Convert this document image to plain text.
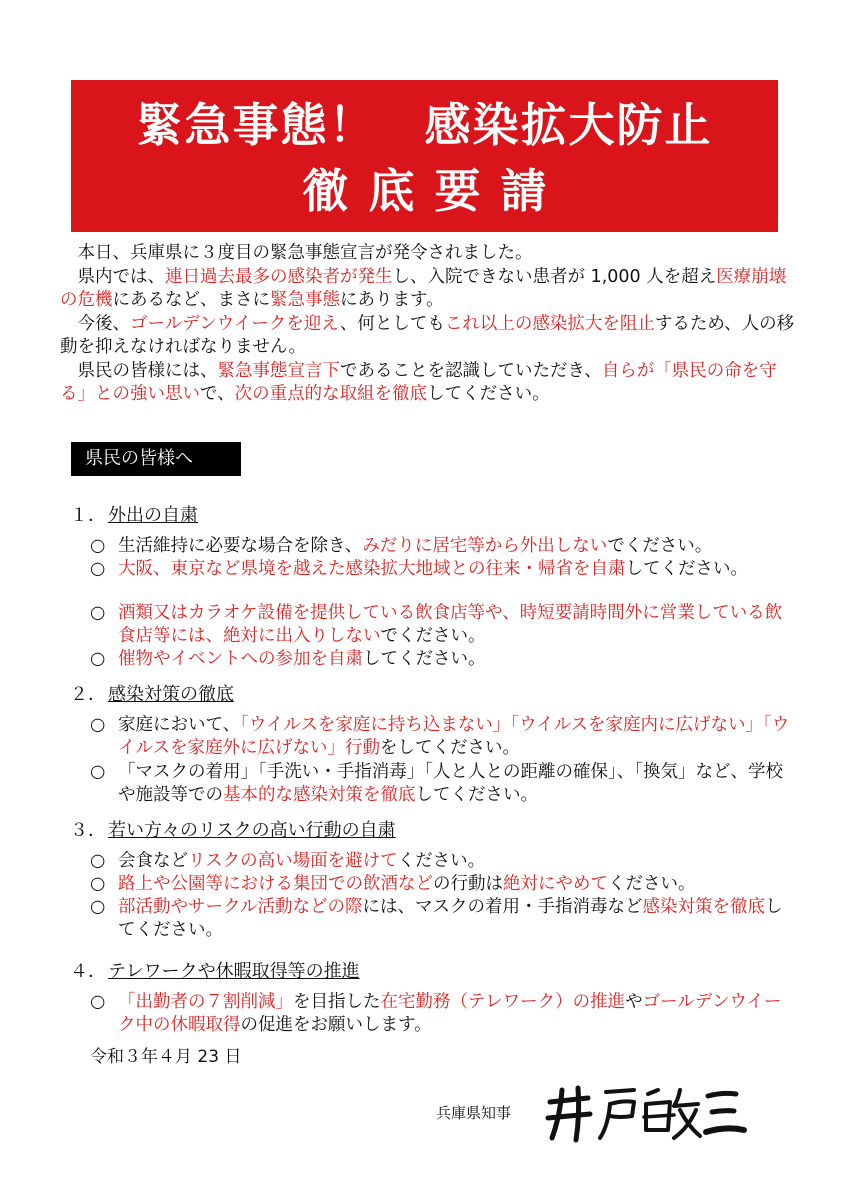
緊急事態！　感染拡大防止
徹底要請

　本日、兵庫県に３度目の緊急事態宣言が発令されました。

　県内では、連日過去最多の感染者が発生し、入院できない患者が 1,000 人を超え医療崩壊の危機にあるなど、まさに緊急事態にあります。

　今後、ゴールデンウイークを迎え、何としてもこれ以上の感染拡大を阻止するため、人の移動を抑えなければなりません。

　県民の皆様には、緊急事態宣言下であることを認識していただき、自らが「県民の命を守る」との強い思いで、次の重点的な取組を徹底してください。

県民の皆様へ
１． 外出の自粛
○ 生活維持に必要な場合を除き、みだりに居宅等から外出しないでください。
○ 大阪、東京など県境を越えた感染拡大地域との往来・帰省を自粛してください。
○ 酒類又はカラオケ設備を提供している飲食店等や、時短要請時間外に営業している飲食店等には、絶対に出入りしないでください。
○ 催物やイベントへの参加を自粛してください。
２． 感染対策の徹底
○ 家庭において、「ウイルスを家庭に持ち込まない」「ウイルスを家庭内に広げない」「ウイルスを家庭外に広げない」行動をしてください。
○ 「マスクの着用」「手洗い・手指消毒」「人と人との距離の確保」、「換気」など、学校や施設等での基本的な感染対策を徹底してください。
３． 若い方々のリスクの高い行動の自粛
○ 会食などリスクの高い場面を避けてください。
○ 路上や公園等における集団での飲酒などの行動は絶対にやめてください。
○ 部活動やサークル活動などの際には、マスクの着用・手指消毒など感染対策を徹底してください。
４． テレワークや休暇取得等の推進
○ 「出勤者の７割削減」を目指した在宅勤務（テレワーク）の推進やゴールデンウイーク中の休暇取得の促進をお願いします。
令和３年４月 23 日
兵庫県知事
